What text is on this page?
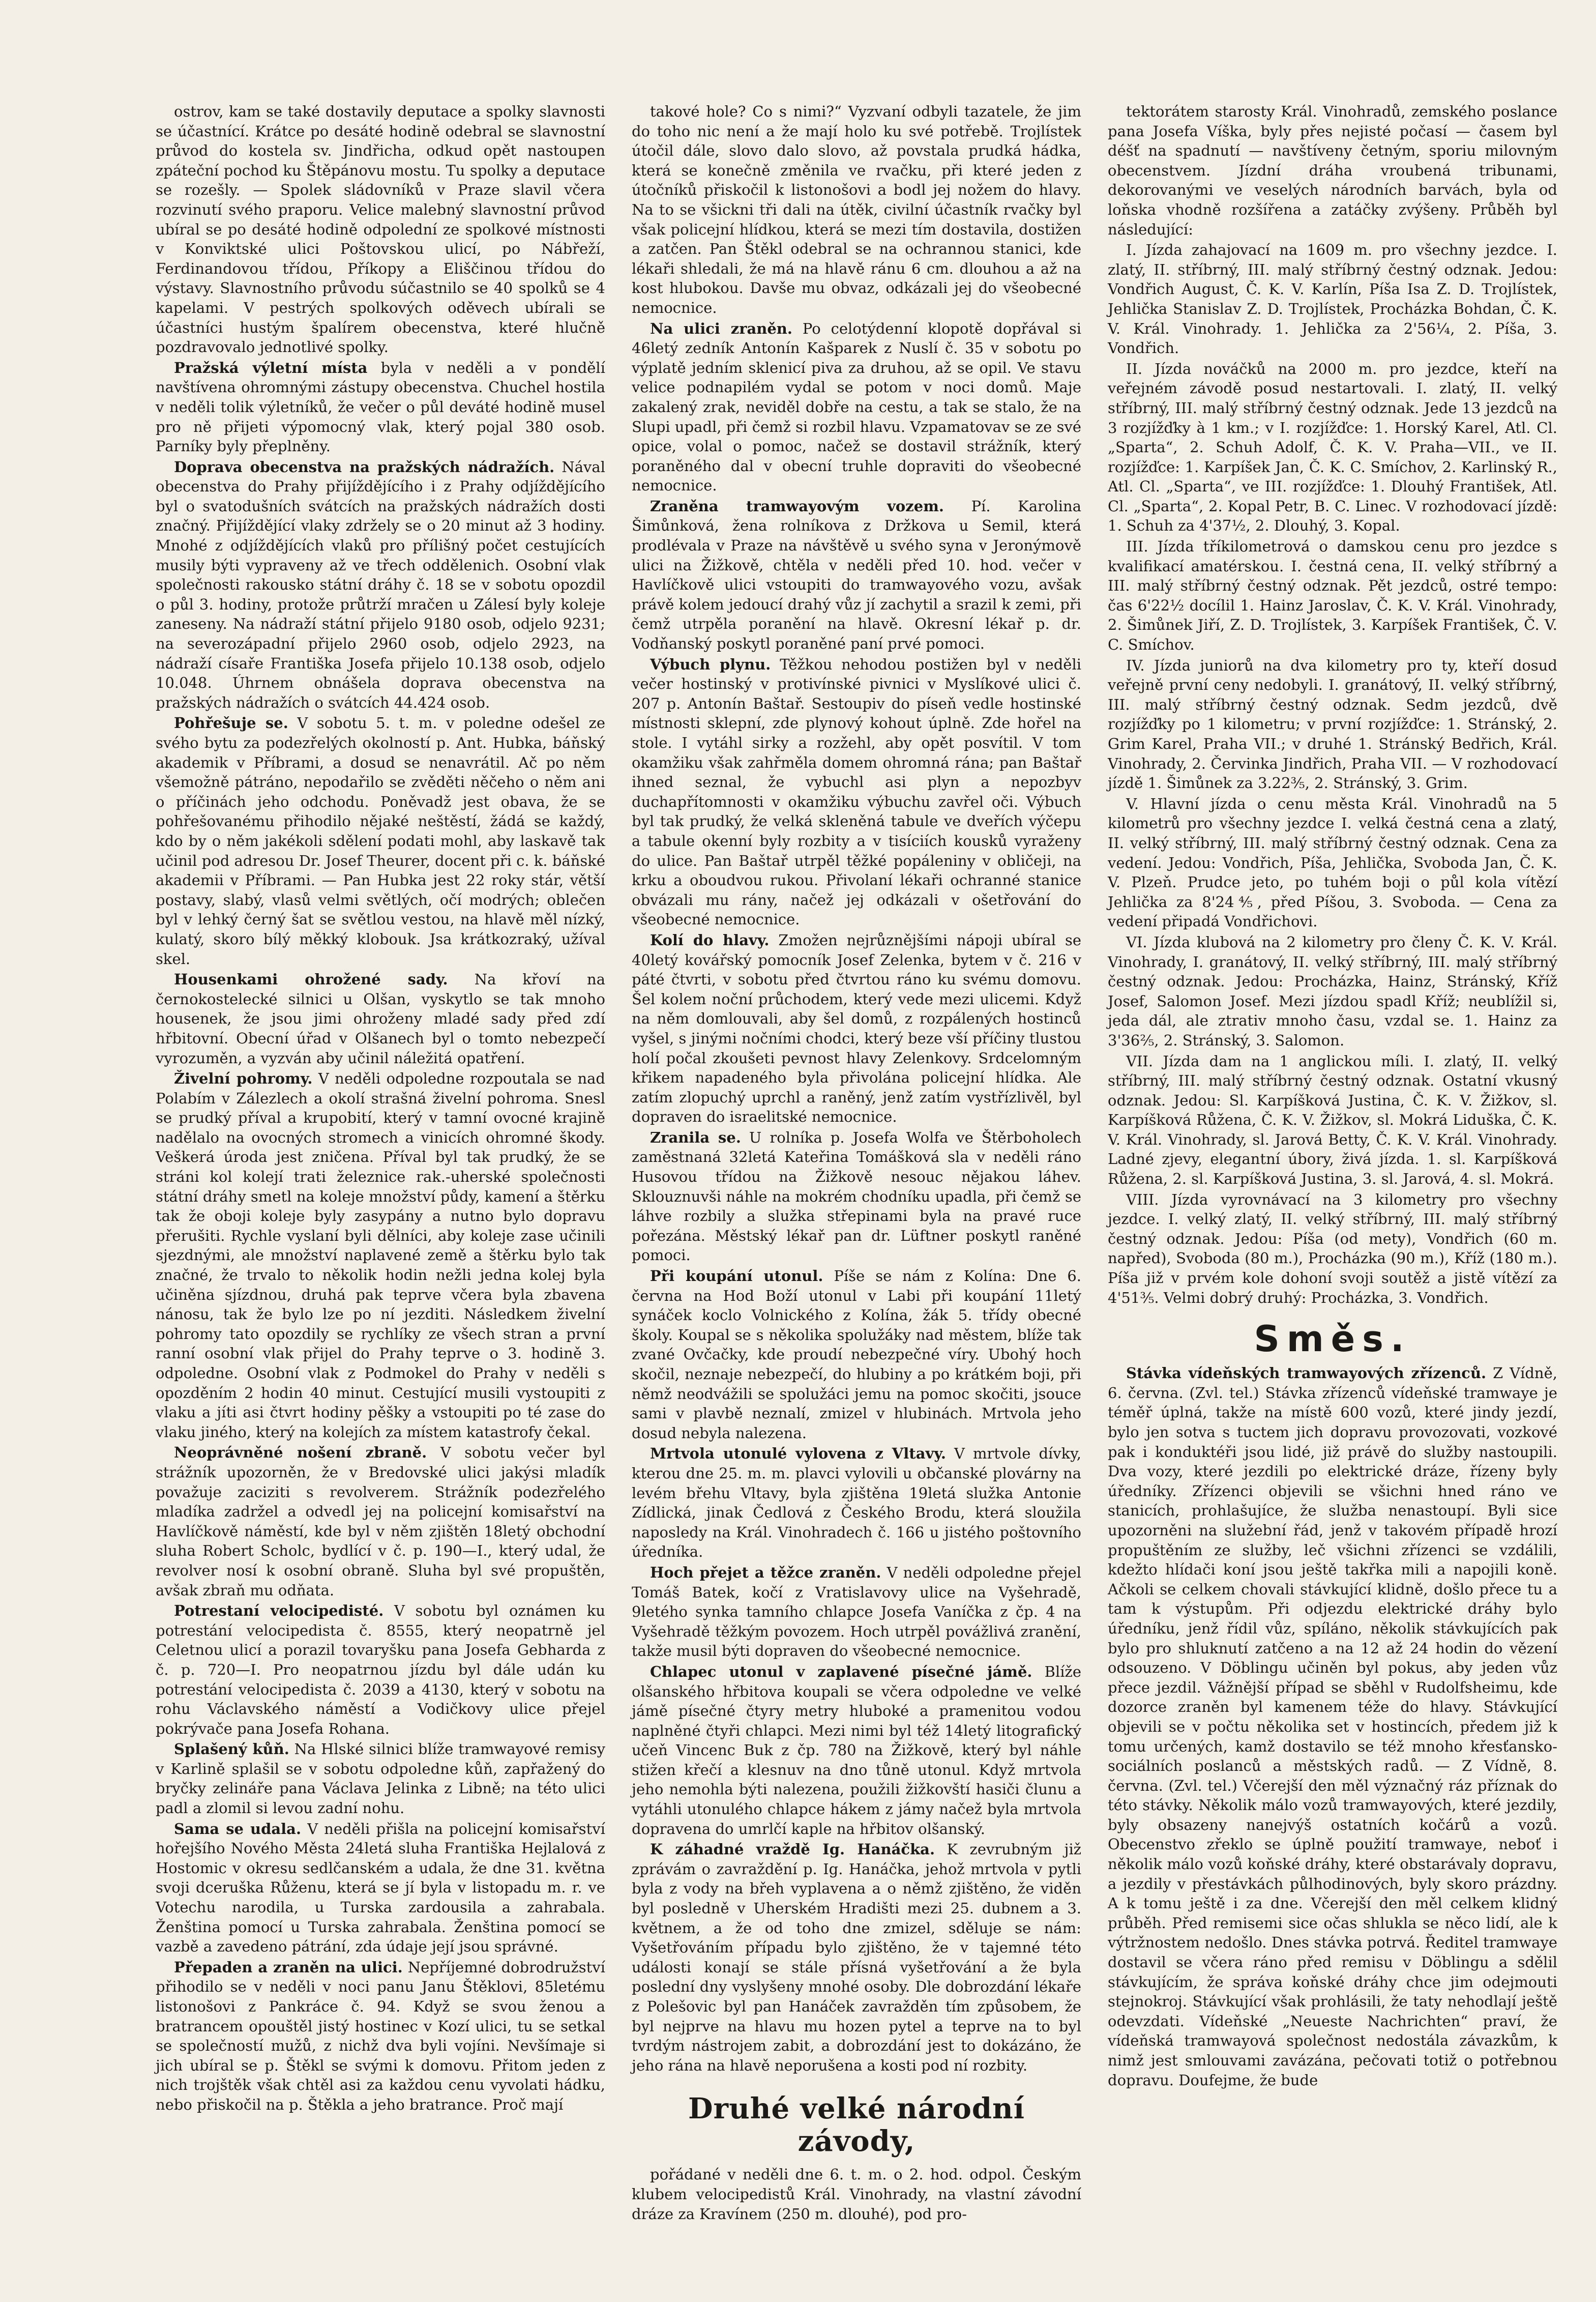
ostrov, kam se také dostavily deputace a spolky slavnosti se účastnící. Krátce po desáté hodině odebral se slavnostní průvod do kostela sv. Jindřicha, odkud opět nastoupen zpáteční pochod ku Štěpánovu mostu. Tu spolky a deputace se rozešly. — Spolek sládovníků v Praze slavil včera rozvinutí svého praporu. Velice malebný slavnostní průvod ubíral se po desáté hodině odpolední ze spolkové místnosti v Konviktské ulici Poštovskou ulicí, po Nábřeží, Ferdinandovou třídou, Příkopy a Eliščinou třídou do výstavy. Slavnostního průvodu súčastnilo se 40 spolků se 4 kapelami. V pestrých spolkových oděvech ubírali se účastníci hustým špalírem obecenstva, které hlučně pozdravovalo jednotlivé spolky.

Pražská výletní místa byla v neděli a v pondělí navštívena ohromnými zástupy obecenstva. Chuchel hostila v neděli tolik výletníků, že večer o půl deváté hodině musel pro ně přijeti výpomocný vlak, který pojal 380 osob. Parníky byly přeplněny.

Doprava obecenstva na pražských nádražích. Nával obecenstva do Prahy přijíždějícího i z Prahy odjíždějícího byl o svatodušních svátcích na pražských nádražích dosti značný. Přijíždějící vlaky zdržely se o 20 minut až 3 hodiny. Mnohé z odjíždějících vlaků pro přílišný počet cestujících musily býti vypraveny až ve třech oddělenich. Osobní vlak společnosti rakousko státní dráhy č. 18 se v sobotu opozdil o půl 3. hodiny, protože průtrží mračen u Zálesí byly koleje zaneseny. Na nádraží státní přijelo 9180 osob, odjelo 9231; na severozápadní přijelo 2960 osob, odjelo 2923, na nádraží císaře Františka Josefa přijelo 10.138 osob, odjelo 10.048. Úhrnem obnášela doprava obecenstva na pražských nádražích o svátcích 44.424 osob.

Pohřešuje se. V sobotu 5. t. m. v poledne odešel ze svého bytu za podezřelých okolností p. Ant. Hubka, báňský akademik v Příbrami, a dosud se nenavrátil. Ač po něm všemožně pátráno, nepodařilo se zvěděti něčeho o něm ani o příčinách jeho odchodu. Poněvadž jest obava, že se pohřešovanému přihodilo nějaké neštěstí, žádá se každý, kdo by o něm jakékoli sdělení podati mohl, aby laskavě tak učinil pod adresou Dr. Josef Theurer, docent při c. k. báňské akademii v Příbrami. — Pan Hubka jest 22 roky stár, větší postavy, slabý, vlasů velmi světlých, očí modrých; oblečen byl v lehký černý šat se světlou vestou, na hlavě měl nízký, kulatý, skoro bílý měkký klobouk. Jsa krátkozraký, užíval skel.

Housenkami ohrožené sady. Na křoví na černokostelecké silnici u Olšan, vyskytlo se tak mnoho housenek, že jsou jimi ohroženy mladé sady před zdí hřbitovní. Obecní úřad v Olšanech byl o tomto nebezpečí vyrozuměn, a vyzván aby učinil náležitá opatření.

Živelní pohromy. V neděli odpoledne rozpoutala se nad Polabím v Zálezlech a okolí strašná živelní pohroma. Snesl se prudký příval a krupobití, který v tamní ovocné krajině nadělalo na ovocných stromech a vinicích ohromné škody. Veškerá úroda jest zničena. Příval byl tak prudký, že se stráni kol kolejí trati železnice rak.-uherské společnosti státní dráhy smetl na koleje množství půdy, kamení a štěrku tak že oboji koleje byly zasypány a nutno bylo dopravu přerušiti. Rychle vyslaní byli dělníci, aby koleje zase učinili sjezdnými, ale množství naplavené země a štěrku bylo tak značné, že trvalo to několik hodin nežli jedna kolej byla učiněna sjízdnou, druhá pak teprve včera byla zbavena nánosu, tak že bylo lze po ní jezditi. Následkem živelní pohromy tato opozdily se rychlíky ze všech stran a první ranní osobní vlak přijel do Prahy teprve o 3. hodině 3. odpoledne. Osobní vlak z Podmokel do Prahy v neděli s opozděním 2 hodin 40 minut. Cestující musili vystoupiti z vlaku a jíti asi čtvrt hodiny pěšky a vstoupiti po té zase do vlaku jiného, který na kolejích za místem katastrofy čekal.

Neoprávněné nošení zbraně. V sobotu večer byl strážník upozorněn, že v Bredovské ulici jakýsi mladík považuje zaciziti s revolverem. Strážník podezřelého mladíka zadržel a odvedl jej na policejní komisařství na Havlíčkově náměstí, kde byl v něm zjištěn 18letý obchodní sluha Robert Scholc, bydlící v č. p. 190—I., který udal, že revolver nosí k osobní obraně. Sluha byl své propuštěn, avšak zbraň mu odňata.

Potrestaní velocipedisté. V sobotu byl oznámen ku potrestání velocipedista č. 8555, který neopatrně jel Celetnou ulicí a porazil tovaryšku pana Josefa Gebharda z č. p. 720—I. Pro neopatrnou jízdu byl dále udán ku potrestání velocipedista č. 2039 a 4130, který v sobotu na rohu Václavského náměstí a Vodičkovy ulice přejel pokrývače pana Josefa Rohana.

Splašený kůň. Na Hlské silnici blíže tramwayové remisy v Karlině splašil se v sobotu odpoledne kůň, zapřažený do bryčky zelináře pana Václava Jelinka z Libně; na této ulici padl a zlomil si levou zadní nohu.

Sama se udala. V neděli přišla na policejní komisařství hořejšího Nového Města 24letá sluha Františka Hejlalová z Hostomic v okresu sedlčanském a udala, že dne 31. května svoji dceruška Růženu, která se jí byla v listopadu m. r. ve Votechu narodila, u Turska zardousila a zahrabala. Ženština pomocí u Turska zahrabala. Ženština pomocí se vazbě a zavedeno pátrání, zda údaje její jsou správné.

Přepaden a zraněn na ulici. Nepříjemné dobrodružství přihodilo se v neděli v noci panu Janu Štěklovi, 85letému listonošovi z Pankráce č. 94. Když se svou ženou a bratrancem opouštěl jistý hostinec v Kozí ulici, tu se setkal se společností mužů, z nichž dva byli vojíni. Nevšímaje si jich ubíral se p. Štěkl se svými k domovu. Přitom jeden z nich trojštěk však chtěl asi za každou cenu vyvolati hádku, nebo přiskočil na p. Štěkla a jeho bratrance. Proč mají

takové hole? Co s nimi?“ Vyzvaní odbyli tazatele, že jim do toho nic není a že mají holo ku své potřebě. Trojlístek útočil dále, slovo dalo slovo, až povstala prudká hádka, která se konečně změnila ve rvačku, při které jeden z útočníků přiskočil k listonošovi a bodl jej nožem do hlavy. Na to se všickni tři dali na útěk, civilní účastník rvačky byl však policejní hlídkou, která se mezi tím dostavila, dostižen a zatčen. Pan Štěkl odebral se na ochrannou stanici, kde lékaři shledali, že má na hlavě ránu 6 cm. dlouhou a až na kost hlubokou. Davše mu obvaz, odkázali jej do všeobecné nemocnice.

Na ulici zraněn. Po celotýdenní klopotě dopřával si 46letý zedník Antonín Kašparek z Nuslí č. 35 v sobotu po výplatě jedním sklenicí piva za druhou, až se opil. Ve stavu velice podnapilém vydal se potom v noci domů. Maje zakalený zrak, neviděl dobře na cestu, a tak se stalo, že na Slupi upadl, při čemž si rozbil hlavu. Vzpamatovav se ze své opice, volal o pomoc, načež se dostavil strážník, který poraněného dal v obecní truhle dopraviti do všeobecné nemocnice.

Zraněna tramwayovým vozem. Pí. Karolina Šimůnková, žena rolníkova z Držkova u Semil, která prodlévala v Praze na návštěvě u svého syna v Jeronýmově ulici na Žižkově, chtěla v neděli před 10. hod. večer v Havlíčkově ulici vstoupiti do tramwayového vozu, avšak právě kolem jedoucí drahý vůz jí zachytil a srazil k zemi, při čemž utrpěla poranění na hlavě. Okresní lékař p. dr. Vodňanský poskytl poraněné paní prvé pomoci.

Výbuch plynu. Těžkou nehodou postižen byl v neděli večer hostinský v protivínské pivnici v Myslíkové ulici č. 207 p. Antonín Baštař. Sestoupiv do píseň vedle hostinské místnosti sklepní, zde plynový kohout úplně. Zde hořel na stole. I vytáhl sirky a rozžehl, aby opět posvítil. V tom okamžiku však zahřměla domem ohromná rána; pan Baštař ihned seznal, že vybuchl asi plyn a nepozbyv duchapřítomnosti v okamžiku výbuchu zavřel oči. Výbuch byl tak prudký, že velká skleněná tabule ve dveřích výčepu a tabule okenní byly rozbity a v tisíciích kousků vyraženy do ulice. Pan Baštař utrpěl těžké popáleniny v obličeji, na krku a oboudvou rukou. Přivolaní lékaři ochranné stanice obvázali mu rány, načež jej odkázali v ošetřování do všeobecné nemocnice.

Kolí do hlavy. Zmožen nejrůznějšími nápoji ubíral se 40letý kovářský pomocník Josef Zelenka, bytem v č. 216 v páté čtvrti, v sobotu před čtvrtou ráno ku svému domovu. Šel kolem noční průchodem, který vede mezi ulicemi. Když na něm domlouvali, aby šel domů, z rozpálených hostinců vyšel, s jinými nočními chodci, který beze vší příčiny tlustou holí počal zkoušeti pevnost hlavy Zelenkovy. Srdcelomným křikem napadeného byla přivolána policejní hlídka. Ale zatím zlopuchý uprchl a raněný, jenž zatím vystřízlivěl, byl dopraven do israelitské nemocnice.

Zranila se. U rolníka p. Josefa Wolfa ve Štěrboholech zaměstnaná 32letá Kateřina Tomášková sla v neděli ráno Husovou třídou na Žižkově nesouc nějakou láhev. Sklouznuvši náhle na mokrém chodníku upadla, při čemž se láhve rozbily a služka střepinami byla na pravé ruce pořezána. Městský lékař pan dr. Lüftner poskytl raněné pomoci.

Při koupání utonul. Píše se nám z Kolína: Dne 6. června na Hod Boží utonul v Labi při koupání 11letý synáček koclo Volnického z Kolína, žák 5. třídy obecné školy. Koupal se s několika spolužáky nad městem, blíže tak zvané Ovčačky, kde proudí nebezpečné víry. Ubohý hoch skočil, neznaje nebezpečí, do hlubiny a po krátkém boji, při němž neodvážili se spolužáci jemu na pomoc skočiti, jsouce sami v plavbě neznalí, zmizel v hlubinách. Mrtvola jeho dosud nebyla nalezena.

Mrtvola utonulé vylovena z Vltavy. V mrtvole dívky, kterou dne 25. m. m. plavci vylovili u občanské plovárny na levém břehu Vltavy, byla zjištěna 19letá služka Antonie Zídlická, jinak Čedlová z Českého Brodu, která sloužila naposledy na Král. Vinohradech č. 166 u jistého poštovního úředníka.

Hoch přejet a těžce zraněn. V neděli odpoledne přejel Tomáš Batek, kočí z Vratislavovy ulice na Vyšehradě, 9letého synka tamního chlapce Josefa Vaníčka z čp. 4 na Vyšehradě těžkým povozem. Hoch utrpěl povážlivá zranění, takže musil býti dopraven do všeobecné nemocnice.

Chlapec utonul v zaplavené písečné jámě. Blíže olšanského hřbitova koupali se včera odpoledne ve velké jámě písečné čtyry metry hluboké a pramenitou vodou naplněné čtyři chlapci. Mezi nimi byl též 14letý litografický učeň Vincenc Buk z čp. 780 na Žižkově, který byl náhle stižen křečí a klesnuv na dno tůně utonul. Když mrtvola jeho nemohla býti nalezena, použili žižkovští hasiči člunu a vytáhli utonulého chlapce hákem z jámy načež byla mrtvola dopravena do umrlčí kaple na hřbitov olšanský.

K záhadné vraždě Ig. Hanáčka. K zevrubným již zprávám o zavraždění p. Ig. Hanáčka, jehož mrtvola v pytli byla z vody na břeh vyplavena a o němž zjištěno, že viděn byl posledně v Uherském Hradišti mezi 25. dubnem a 3. květnem, a že od toho dne zmizel, sděluje se nám: Vyšetřováním případu bylo zjištěno, že v tajemné této události konají se stále přísná vyšetřování a že byla poslední dny vyslyšeny mnohé osoby. Dle dobrozdání lékaře z Polešovic byl pan Hanáček zavražděn tím způsobem, že byl nejprve na hlavu mu hozen pytel a teprve na to byl tvrdým nástrojem zabit, a dobrozdání jest to dokázáno, že jeho rána na hlavě neporušena a kosti pod ní rozbity.

Druhé velké národní závody,

pořádané v neděli dne 6. t. m. o 2. hod. odpol. Českým klubem velocipedistů Král. Vinohrady, na vlastní závodní dráze za Kravínem (250 m. dlouhé), pod pro-

tektorátem starosty Král. Vinohradů, zemského poslance pana Josefa Víška, byly přes nejisté počasí — časem byl déšť na spadnutí — navštíveny četným, sporiu milovným obecenstvem. Jízdní dráha vroubená tribunami, dekorovanými ve veselých národních barvách, byla od loňska vhodně rozšířena a zatáčky zvýšeny. Průběh byl následující:

I. Jízda zahajovací na 1609 m. pro všechny jezdce. I. zlatý, II. stříbrný, III. malý stříbrný čestný odznak. Jedou: Vondřich August, Č. K. V. Karlín, Píša Isa Z. D. Trojlístek, Jehlička Stanislav Z. D. Trojlístek, Procházka Bohdan, Č. K. V. Král. Vinohrady. 1. Jehlička za 2'56¼, 2. Píša, 3. Vondřich.

II. Jízda nováčků na 2000 m. pro jezdce, kteří na veřejném závodě posud nestartovali. I. zlatý, II. velký stříbrný, III. malý stříbrný čestný odznak. Jede 13 jezdců na 3 rozjížďky à 1 km.; v I. rozjížďce: 1. Horský Karel, Atl. Cl. „Sparta“, 2. Schuh Adolf, Č. K. V. Praha—VII., ve II. rozjížďce: 1. Karpíšek Jan, Č. K. C. Smíchov, 2. Karlinský R., Atl. Cl. „Sparta“, ve III. rozjížďce: 1. Dlouhý František, Atl. Cl. „Sparta“, 2. Kopal Petr, B. C. Linec. V rozhodovací jízdě: 1. Schuh za 4'37½, 2. Dlouhý, 3. Kopal.

III. Jízda tříkilometrová o damskou cenu pro jezdce s kvalifikací amatérskou. I. čestná cena, II. velký stříbrný a III. malý stříbrný čestný odznak. Pět jezdců, ostré tempo: čas 6'22½ docílil 1. Hainz Jaroslav, Č. K. V. Král. Vinohrady, 2. Šimůnek Jiří, Z. D. Trojlístek, 3. Karpíšek František, Č. V. C. Smíchov.

IV. Jízda juniorů na dva kilometry pro ty, kteří dosud veřejně první ceny nedobyli. I. granátový, II. velký stříbrný, III. malý stříbrný čestný odznak. Sedm jezdců, dvě rozjížďky po 1 kilometru; v první rozjížďce: 1. Stránský, 2. Grim Karel, Praha VII.; v druhé 1. Stránský Bedřich, Král. Vinohrady, 2. Červinka Jindřich, Praha VII. — V rozhodovací jízdě 1. Šimůnek za 3.22⅗, 2. Stránský, 3. Grim.

V. Hlavní jízda o cenu města Král. Vinohradů na 5 kilometrů pro všechny jezdce I. velká čestná cena a zlatý, II. velký stříbrný, III. malý stříbrný čestný odznak. Cena za vedení. Jedou: Vondřich, Píša, Jehlička, Svoboda Jan, Č. K. V. Plzeň. Prudce jeto, po tuhém boji o půl kola vítězí Jehlička za 8'24⅘, před Píšou, 3. Svoboda. — Cena za vedení připadá Vondřichovi.

VI. Jízda klubová na 2 kilometry pro členy Č. K. V. Král. Vinohrady, I. granátový, II. velký stříbrný, III. malý stříbrný čestný odznak. Jedou: Procházka, Hainz, Stránský, Kříž Josef, Salomon Josef. Mezi jízdou spadl Kříž; neublížil si, jeda dál, ale ztrativ mnoho času, vzdal se. 1. Hainz za 3'36⅖, 2. Stránský, 3. Salomon.

VII. Jízda dam na 1 anglickou míli. I. zlatý, II. velký stříbrný, III. malý stříbrný čestný odznak. Ostatní vkusný odznak. Jedou: Sl. Karpíšková Justina, Č. K. V. Žižkov, sl. Karpíšková Růžena, Č. K. V. Žižkov, sl. Mokrá Liduška, Č. K. V. Král. Vinohrady, sl. Jarová Betty, Č. K. V. Král. Vinohrady. Ladné zjevy, elegantní úbory, živá jízda. 1. sl. Karpíšková Růžena, 2. sl. Karpíšková Justina, 3. sl. Jarová, 4. sl. Mokrá.

VIII. Jízda vyrovnávací na 3 kilometry pro všechny jezdce. I. velký zlatý, II. velký stříbrný, III. malý stříbrný čestný odznak. Jedou: Píša (od mety), Vondřich (60 m. napřed), Svoboda (80 m.), Procházka (90 m.), Kříž (180 m.). Píša již v prvém kole dohoní svoji soutěž a jistě vítězí za 4'51⅗. Velmi dobrý druhý: Procházka, 3. Vondřich.

Směs.

Stávka vídeňských tramwayových zřízenců. Z Vídně, 6. června. (Zvl. tel.) Stávka zřízenců vídeňské tramwaye je téměř úplná, takže na místě 600 vozů, které jindy jezdí, bylo jen sotva s tuctem jich dopravu provozovati, vozkové pak i konduktéři jsou lidé, již právě do služby nastoupili. Dva vozy, které jezdili po elektrické dráze, řízeny byly úředníky. Zřízenci objevili se všichni hned ráno ve stanicích, prohlašujíce, že služba nenastoupí. Byli sice upozorněni na služební řád, jenž v takovém případě hrozí propuštěním ze služby, leč všichni zřízenci se vzdálili, kdežto hlídači koní jsou ještě takřka mili a napojili koně. Ačkoli se celkem chovali stávkující klidně, došlo přece tu a tam k výstupům. Při odjezdu elektrické dráhy bylo úředníku, jenž řídil vůz, spíláno, několik stávkujících pak bylo pro shluknutí zatčeno a na 12 až 24 hodin do vězení odsouzeno. V Döblingu učiněn byl pokus, aby jeden vůz přece jezdil. Vážnější případ se sběhl v Rudolfsheimu, kde dozorce zraněn byl kamenem téže do hlavy. Stávkující objevili se v počtu několika set v hostincích, předem již k tomu určených, kamž dostavilo se též mnoho křesťansko-sociálních poslanců a městských radů. — Z Vídně, 8. června. (Zvl. tel.) Včerejší den měl význačný ráz příznak do této stávky. Několik málo vozů tramwayových, které jezdily, byly obsazeny nanejvýš ostatních kočárů a vozů. Obecenstvo zřeklo se úplně použití tramwaye, neboť i několik málo vozů koňské dráhy, které obstarávaly dopravu, a jezdily v přestávkách půlhodinových, byly skoro prázdny. A k tomu ještě i za dne. Včerejší den měl celkem klidný průběh. Před remisemi sice očas shlukla se něco lidí, ale k výtržnostem nedošlo. Dnes stávka potrvá. Ředitel tramwaye dostavil se včera ráno před remisu v Döblingu a sdělil stávkujícím, že správa koňské dráhy chce jim odejmouti stejnokroj. Stávkující však prohlásili, že taty nehodlají ještě odevzdati. Vídeňské „Neueste Nachrichten“ praví, že vídeňská tramwayová společnost nedostála závazkům, k nimž jest smlouvami zavázána, pečovati totiž o potřebnou dopravu. Doufejme, že bude
